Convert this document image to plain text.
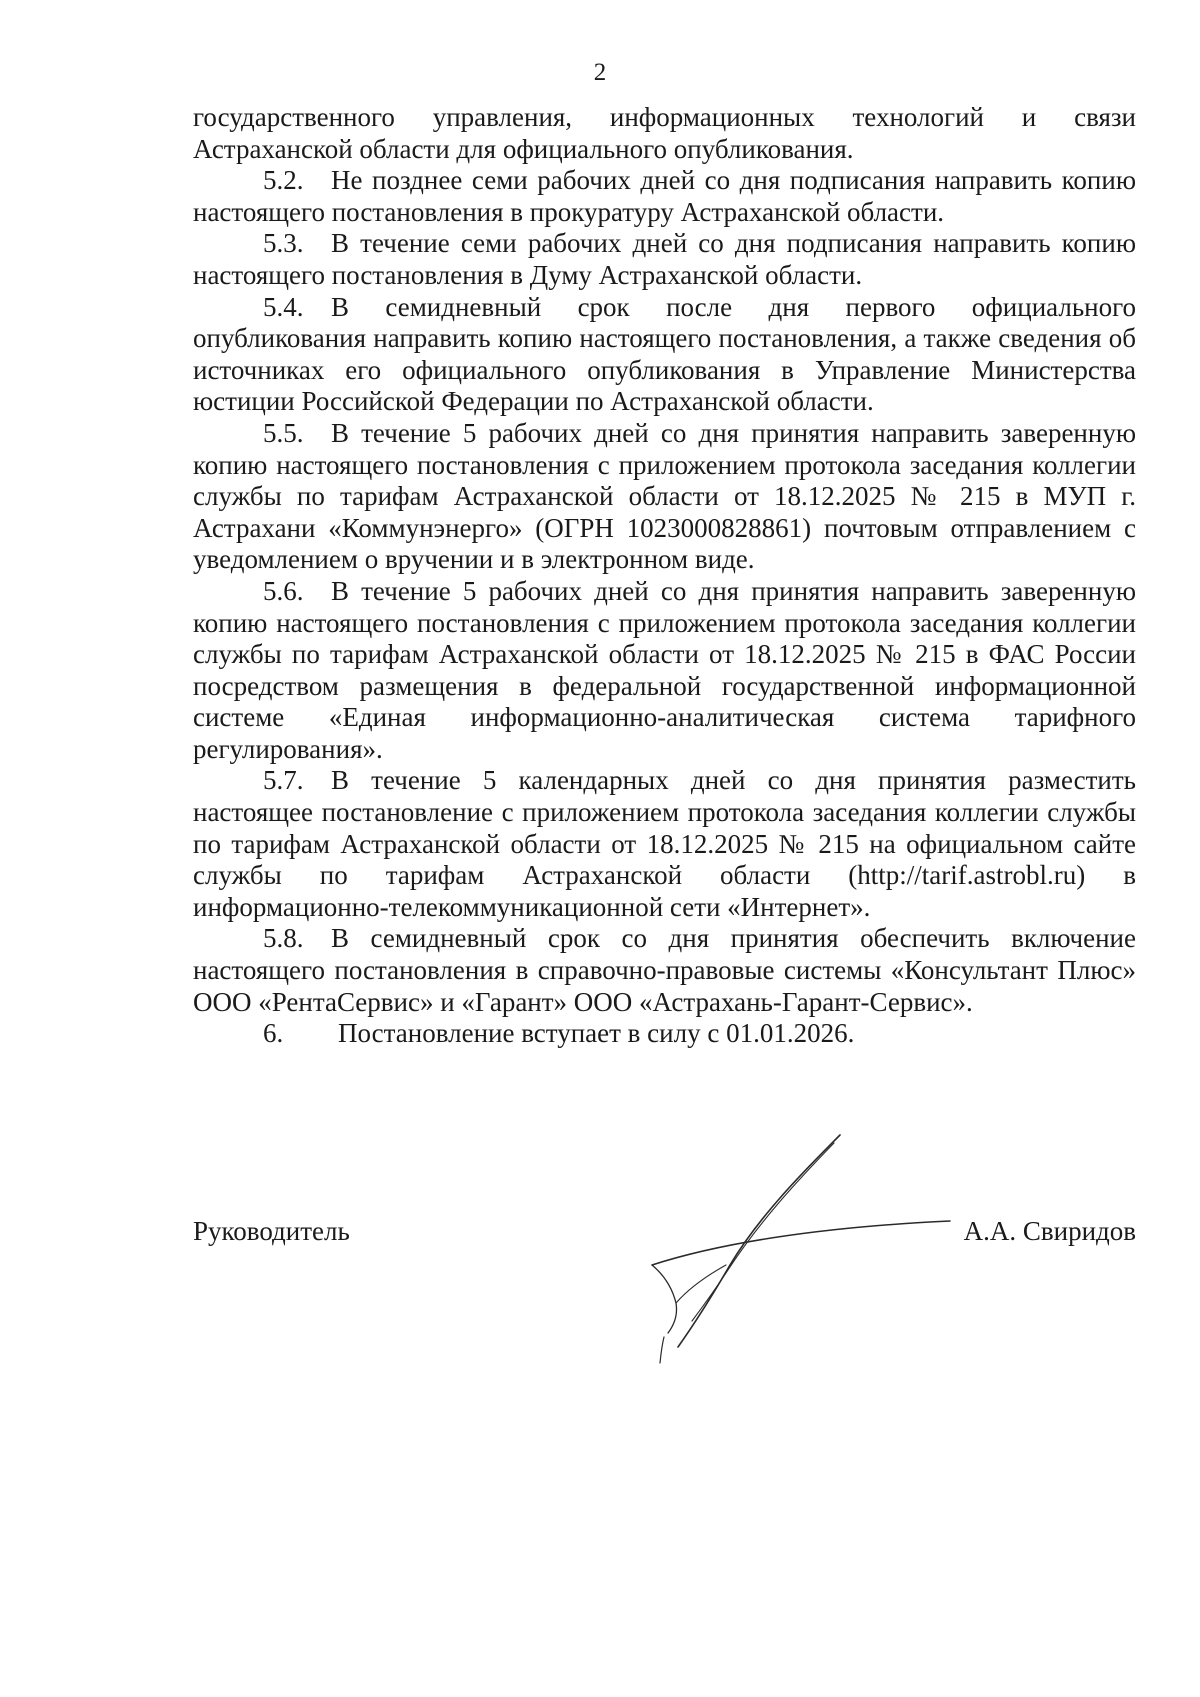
2

государственного управления, информационных технологий и связи Астраханской области для официального опубликования.

5.2. Не позднее семи рабочих дней со дня подписания направить копию настоящего постановления в прокуратуру Астраханской области.

5.3. В течение семи рабочих дней со дня подписания направить копию настоящего постановления в Думу Астраханской области.

5.4. В семидневный срок после дня первого официального опубликования направить копию настоящего постановления, а также сведения об источниках его официального опубликования в Управление Министерства юстиции Российской Федерации по Астраханской области.

5.5. В течение 5 рабочих дней со дня принятия направить заверенную копию настоящего постановления с приложением протокола заседания коллегии службы по тарифам Астраханской области от 18.12.2025 № 215 в МУП г. Астрахани «Коммунэнерго» (ОГРН 1023000828861) почтовым отправлением с уведомлением о вручении и в электронном виде.

5.6. В течение 5 рабочих дней со дня принятия направить заверенную копию настоящего постановления с приложением протокола заседания коллегии службы по тарифам Астраханской области от 18.12.2025 № 215 в ФАС России посредством размещения в федеральной государственной информационной системе «Единая информационно-аналитическая система тарифного регулирования».

5.7. В течение 5 календарных дней со дня принятия разместить настоящее постановление с приложением протокола заседания коллегии службы по тарифам Астраханской области от 18.12.2025 № 215 на официальном сайте службы по тарифам Астраханской области (http://tarif.astrobl.ru) в информационно-телекоммуникационной сети «Интернет».

5.8. В семидневный срок со дня принятия обеспечить включение настоящего постановления в справочно-правовые системы «Консультант Плюс» ООО «РентаСервис» и «Гарант» ООО «Астрахань-Гарант-Сервис».

6. Постановление вступает в силу с 01.01.2026.

Руководитель	А.А. Свиридов
